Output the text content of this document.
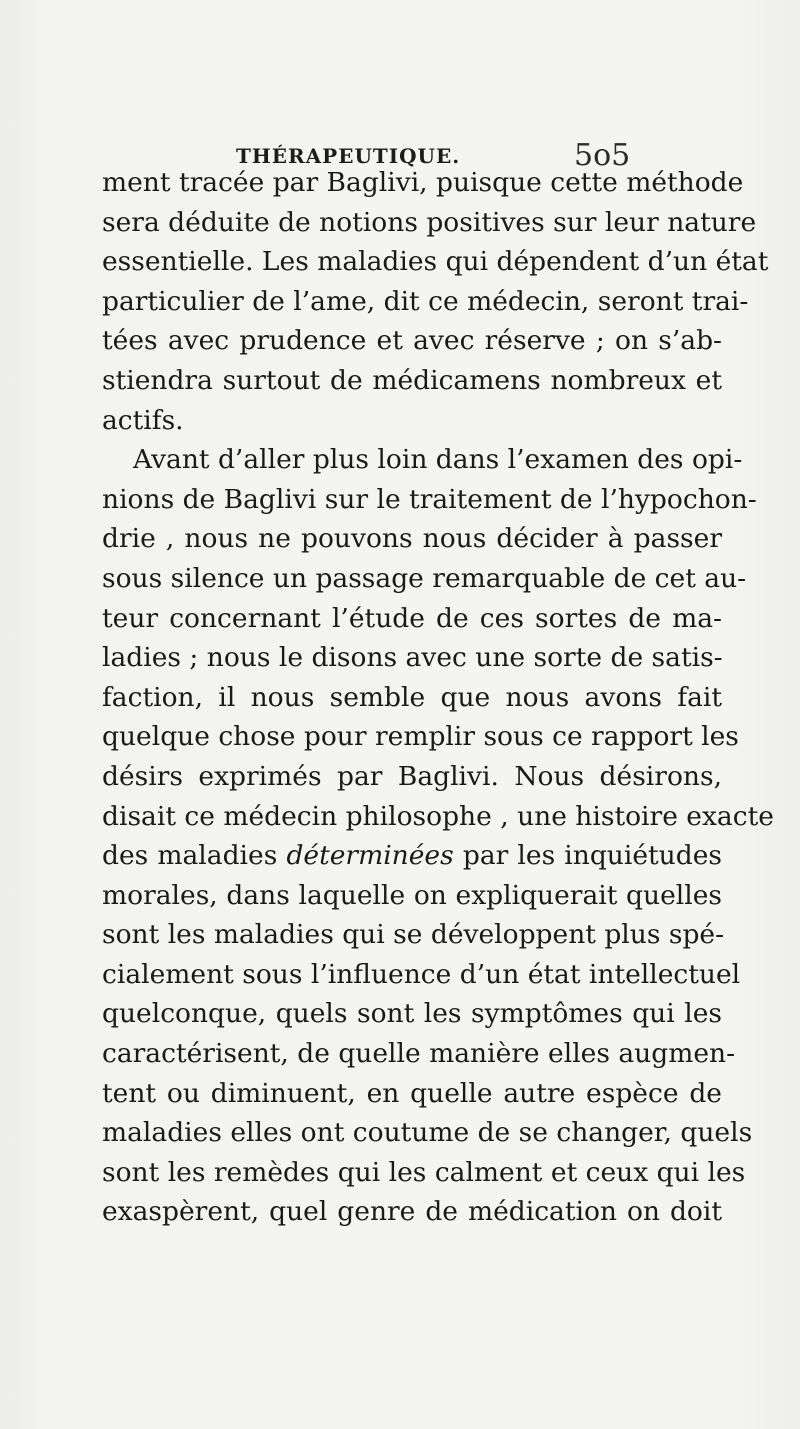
THÉRAPEUTIQUE.	5o5
ment tracée par Baglivi, puisque cette méthode
sera déduite de notions positives sur leur nature
essentielle. Les maladies qui dépendent d’un état
particulier de l’ame, dit ce médecin, seront trai-
tées avec prudence et avec réserve ; on s’ab-
stiendra surtout de médicamens nombreux et
actifs.
Avant d’aller plus loin dans l’examen des opi-
nions de Baglivi sur le traitement de l’hypochon-
drie , nous ne pouvons nous décider à passer
sous silence un passage remarquable de cet au-
teur concernant l’étude de ces sortes de ma-
ladies ; nous le disons avec une sorte de satis-
faction, il nous semble que nous avons fait
quelque chose pour remplir sous ce rapport les
désirs exprimés par Baglivi. Nous désirons,
disait ce médecin philosophe , une histoire exacte
des maladies déterminées par les inquiétudes
morales, dans laquelle on expliquerait quelles
sont les maladies qui se développent plus spé-
cialement sous l’influence d’un état intellectuel
quelconque, quels sont les symptômes qui les
caractérisent, de quelle manière elles augmen-
tent ou diminuent, en quelle autre espèce de
maladies elles ont coutume de se changer, quels
sont les remèdes qui les calment et ceux qui les
exaspèrent, quel genre de médication on doit
